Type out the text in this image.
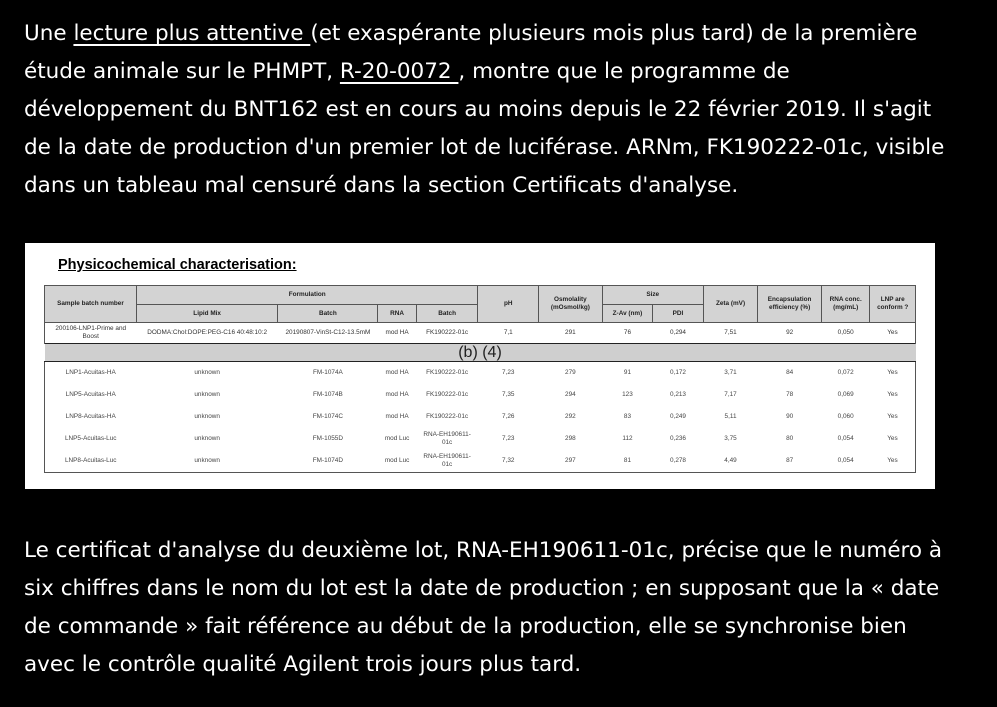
Une lecture plus attentive (et exaspérante plusieurs mois plus tard) de la première étude animale sur le PHMPT, R-20-0072 , montre que le programme de développement du BNT162 est en cours au moins depuis le 22 février 2019. Il s'agit de la date de production d'un premier lot de luciférase. ARNm, FK190222-01c, visible dans un tableau mal censuré dans la section Certificats d'analyse.

Physicochemical characterisation:

Sample batch number	Formulation				pH	Osmolality (mOsmol/kg)	Size		Zeta (mV)	Encapsulation efficiency (%)	RNA conc. (mg/mL)	LNP are conform ?
	Lipid Mix	Batch	RNA	Batch			Z-Av (nm)	PDI				
200106-LNP1-Prime and Boost	DODMA:Chol:DOPE:PEG-C16 40:48:10:2	20190807-VinSt-C12-13.5mM	mod HA	FK190222-01c	7,1	291	76	0,294	7,51	92	0,050	Yes
(b) (4)												
LNP1-Acuitas-HA	unknown	FM-1074A	mod HA	FK190222-01c	7,23	279	91	0,172	3,71	84	0,072	Yes
LNP5-Acuitas-HA	unknown	FM-1074B	mod HA	FK190222-01c	7,35	294	123	0,213	7,17	78	0,069	Yes
LNP8-Acuitas-HA	unknown	FM-1074C	mod HA	FK190222-01c	7,26	292	83	0,249	5,11	90	0,060	Yes
LNP5-Acuitas-Luc	unknown	FM-1055D	mod Luc	RNA-EH190611-01c	7,23	298	112	0,236	3,75	80	0,054	Yes
LNP8-Acuitas-Luc	unknown	FM-1074D	mod Luc	RNA-EH190611-01c	7,32	297	81	0,278	4,49	87	0,054	Yes

Le certificat d'analyse du deuxième lot, RNA-EH190611-01c, précise que le numéro à six chiffres dans le nom du lot est la date de production ; en supposant que la « date de commande » fait référence au début de la production, elle se synchronise bien avec le contrôle qualité Agilent trois jours plus tard.
